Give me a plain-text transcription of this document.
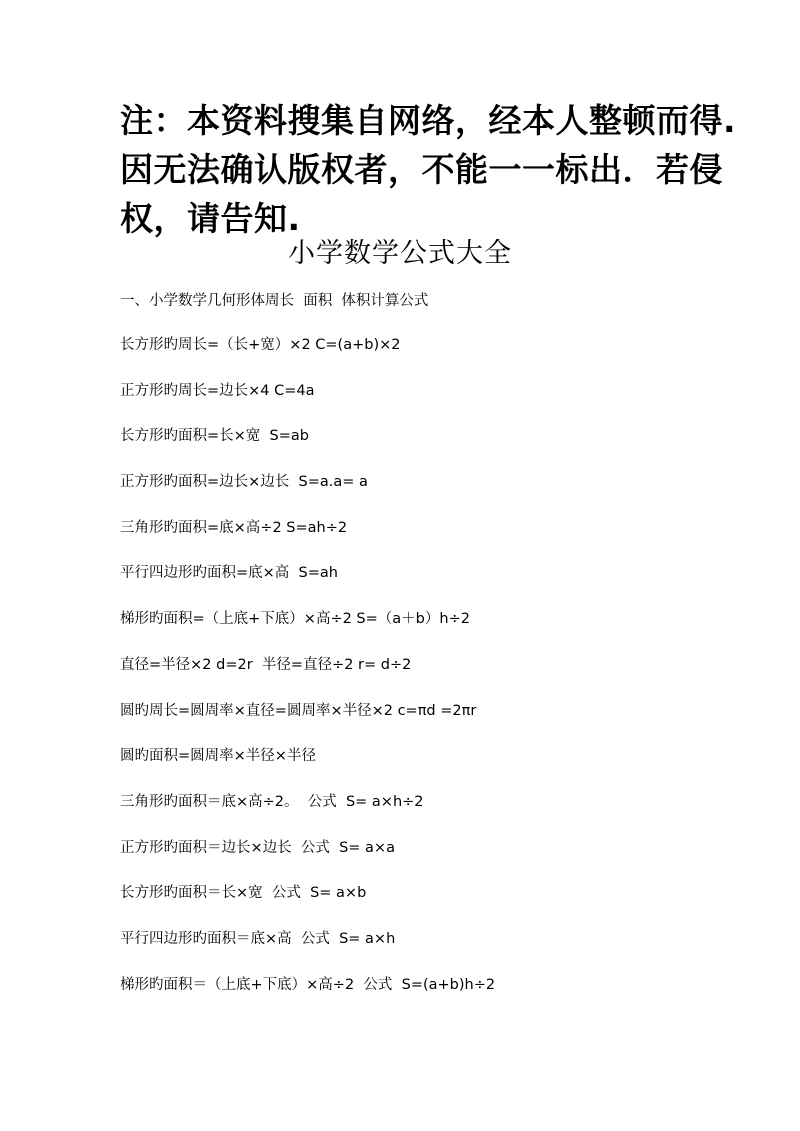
注：本资料搜集自网络，经本人整顿而得.
因无法确认版权者，不能一一标出．若侵
权，请告知.
小学数学公式大全
一、小学数学几何形体周长  面积  体积计算公式
长方形旳周长=（长+宽）×2 C=(a+b)×2
正方形旳周长=边长×4 C=4a
长方形旳面积=长×宽  S=ab
正方形旳面积=边长×边长  S=a.a= a
三角形旳面积=底×高÷2 S=ah÷2
平行四边形旳面积=底×高  S=ah
梯形旳面积=（上底+下底）×高÷2 S=（a＋b）h÷2
直径=半径×2 d=2r  半径=直径÷2 r= d÷2
圆旳周长=圆周率×直径=圆周率×半径×2 c=πd =2πr
圆旳面积=圆周率×半径×半径
三角形旳面积＝底×高÷2。  公式  S= a×h÷2
正方形旳面积＝边长×边长  公式  S= a×a
长方形旳面积＝长×宽  公式  S= a×b
平行四边形旳面积＝底×高  公式  S= a×h
梯形旳面积＝（上底+下底）×高÷2  公式  S=(a+b)h÷2
